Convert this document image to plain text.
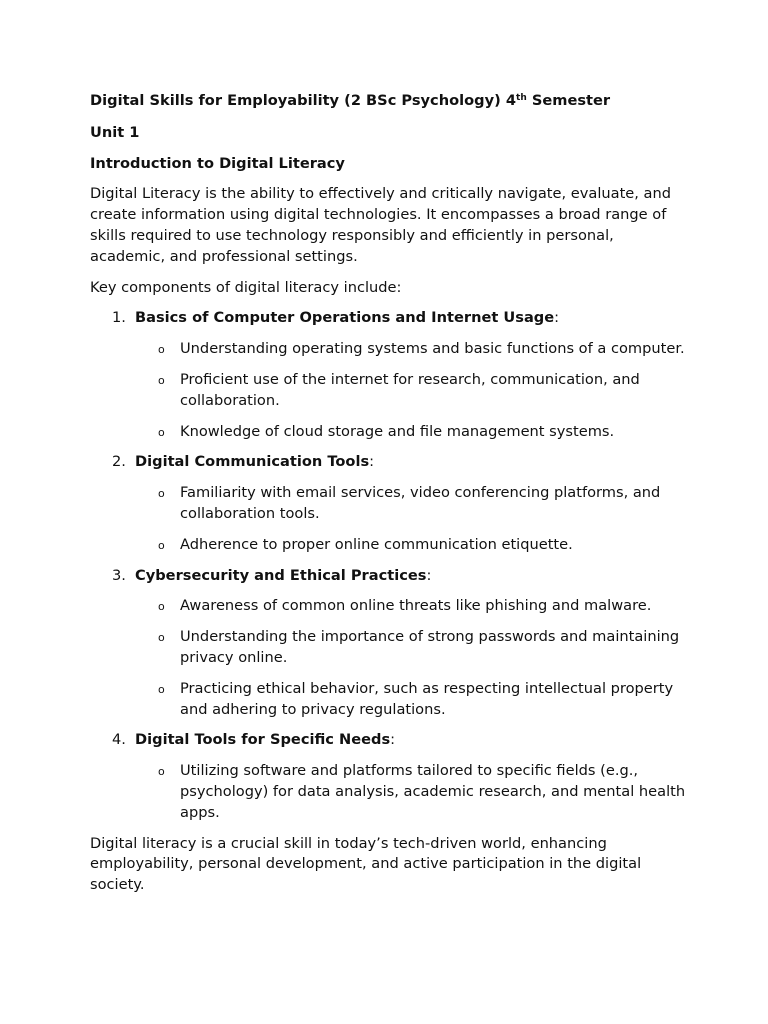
Digital Skills for Employability (2 BSc Psychology) 4th Semester

Unit 1

Introduction to Digital Literacy

Digital Literacy is the ability to effectively and critically navigate, evaluate, and create information using digital technologies. It encompasses a broad range of skills required to use technology responsibly and efficiently in personal, academic, and professional settings.

Key components of digital literacy include:

1. Basics of Computer Operations and Internet Usage:
o Understanding operating systems and basic functions of a computer.
o Proficient use of the internet for research, communication, and collaboration.
o Knowledge of cloud storage and file management systems.
2. Digital Communication Tools:
o Familiarity with email services, video conferencing platforms, and collaboration tools.
o Adherence to proper online communication etiquette.
3. Cybersecurity and Ethical Practices:
o Awareness of common online threats like phishing and malware.
o Understanding the importance of strong passwords and maintaining privacy online.
o Practicing ethical behavior, such as respecting intellectual property and adhering to privacy regulations.
4. Digital Tools for Specific Needs:
o Utilizing software and platforms tailored to specific fields (e.g., psychology) for data analysis, academic research, and mental health apps.

Digital literacy is a crucial skill in today’s tech-driven world, enhancing employability, personal development, and active participation in the digital society.
